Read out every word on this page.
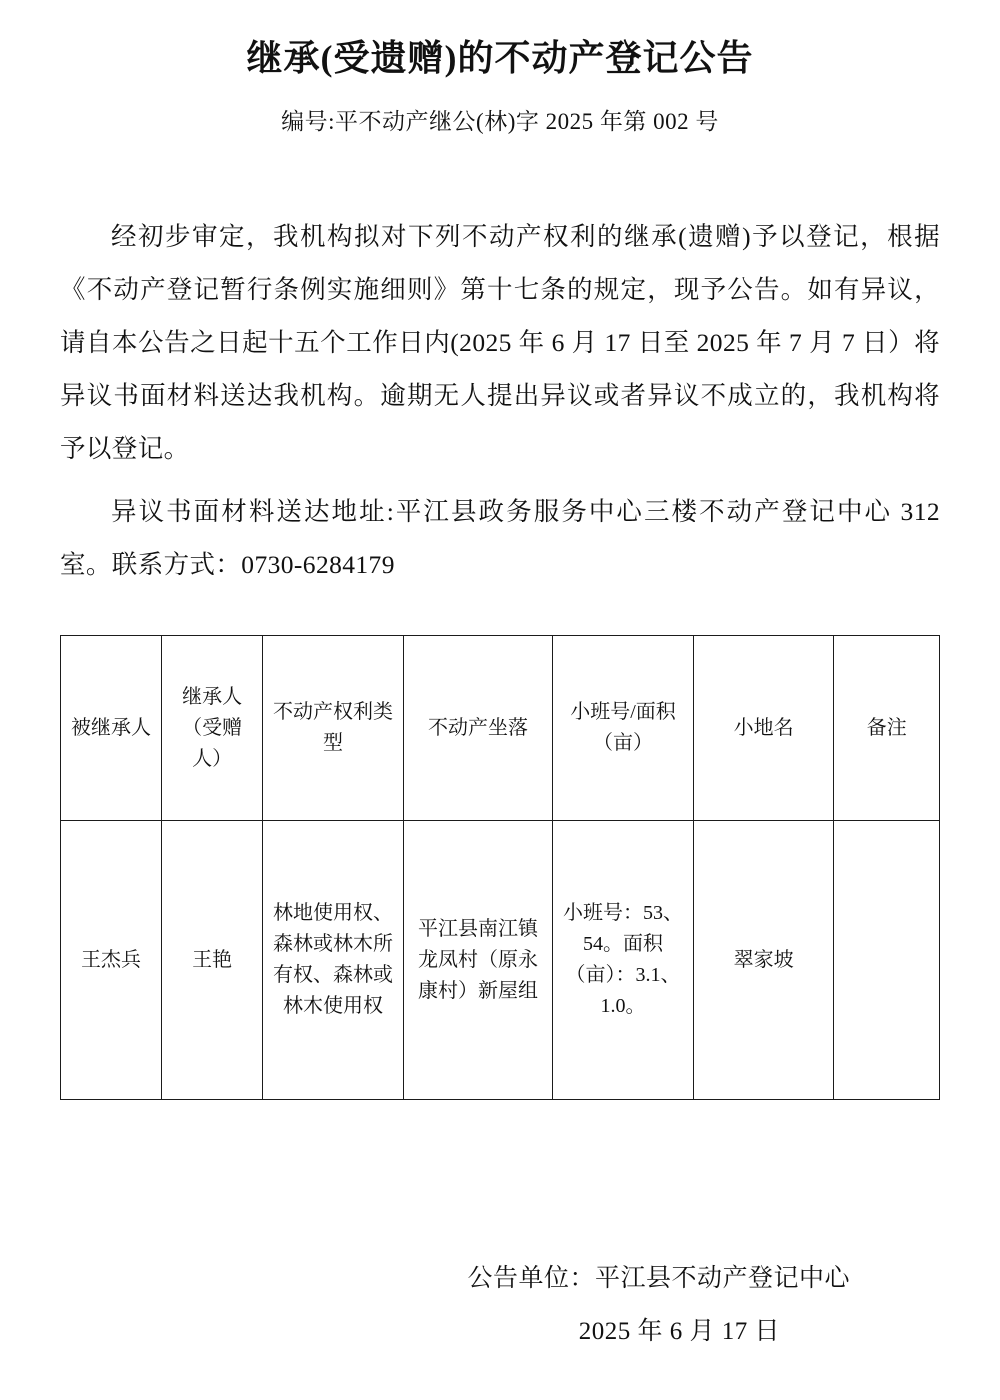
继承(受遗赠)的不动产登记公告
编号:平不动产继公(林)字 2025 年第 002 号

经初步审定，我机构拟对下列不动产权利的继承(遗赠)予以登记，根据《不动产登记暂行条例实施细则》第十七条的规定，现予公告。如有异议，请自本公告之日起十五个工作日内(2025 年 6 月 17 日至 2025 年 7 月 7 日）将异议书面材料送达我机构。逾期无人提出异议或者异议不成立的，我机构将予以登记。

异议书面材料送达地址:平江县政务服务中心三楼不动产登记中心 312 室。联系方式：0730-6284179

被继承人	继承人（受赠人）	不动产权利类型	不动产坐落	小班号/面积（亩）	小地名	备注
王杰兵	王艳	林地使用权、森林或林木所有权、森林或林木使用权	平江县南江镇龙凤村（原永康村）新屋组	小班号：53、54。面积（亩）：3.1、1.0。	翠家坡	
公告单位：平江县不动产登记中心
2025 年 6 月 17 日
